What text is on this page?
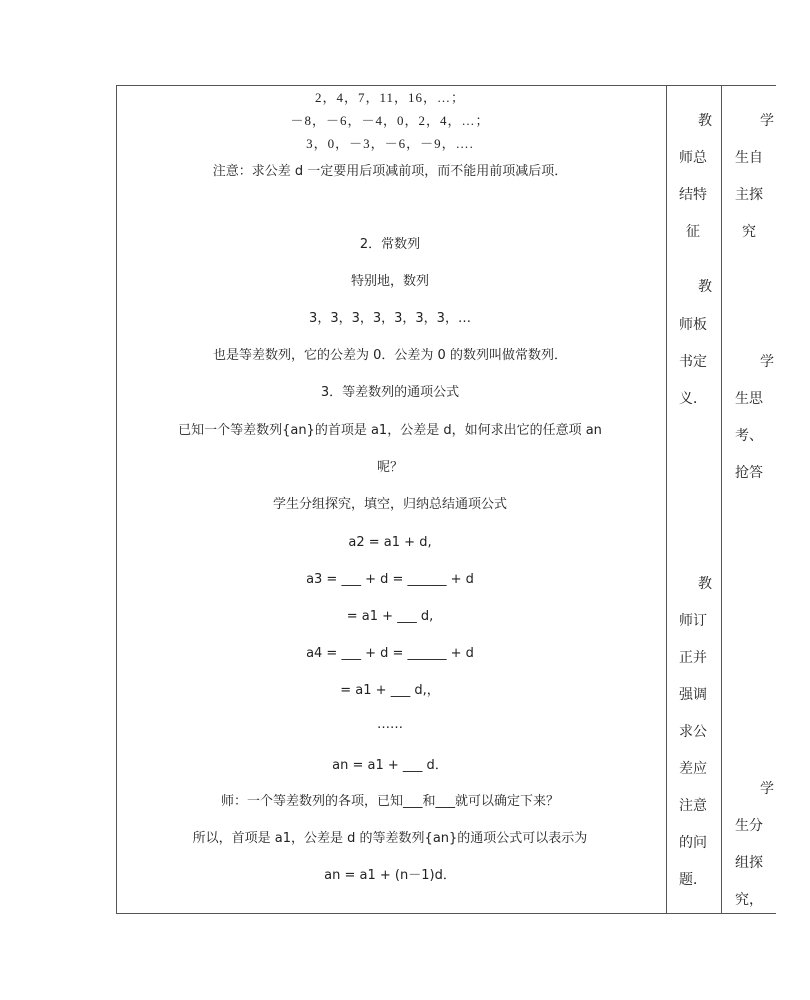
2，4，7，11，16，…；
－8，－6，－4，0，2，4，…；
3，0，－3，－6，－9，….
注意：求公差 d 一定要用后项减前项，而不能用前项减后项．
2．常数列
特别地，数列
3，3，3，3，3，3，3，…
也是等差数列，它的公差为 0．公差为 0 的数列叫做常数列．
3．等差数列的通项公式
已知一个等差数列{an}的首项是 a1，公差是 d，如何求出它的任意项 an
呢？
学生分组探究，填空，归纳总结通项公式
a2 = a1 + d,
a3 = ___ + d = ______ + d
= a1 + ___ d,
a4 = ___ + d = ______ + d
= a1 + ___ d,，
……
an = a1 + ___ d．
师：一个等差数列的各项，已知___和___就可以确定下来？
所以，首项是 a1，公差是 d 的等差数列{an}的通项公式可以表示为
an = a1 + (n－1)d．
教
师总
结特
征
教
师板
书定
义．
教
师订
正并
强调
求公
差应
注意
的问
题．
学
生自
主探
究
学
生思
考、
抢答
学
生分
组探
究，
